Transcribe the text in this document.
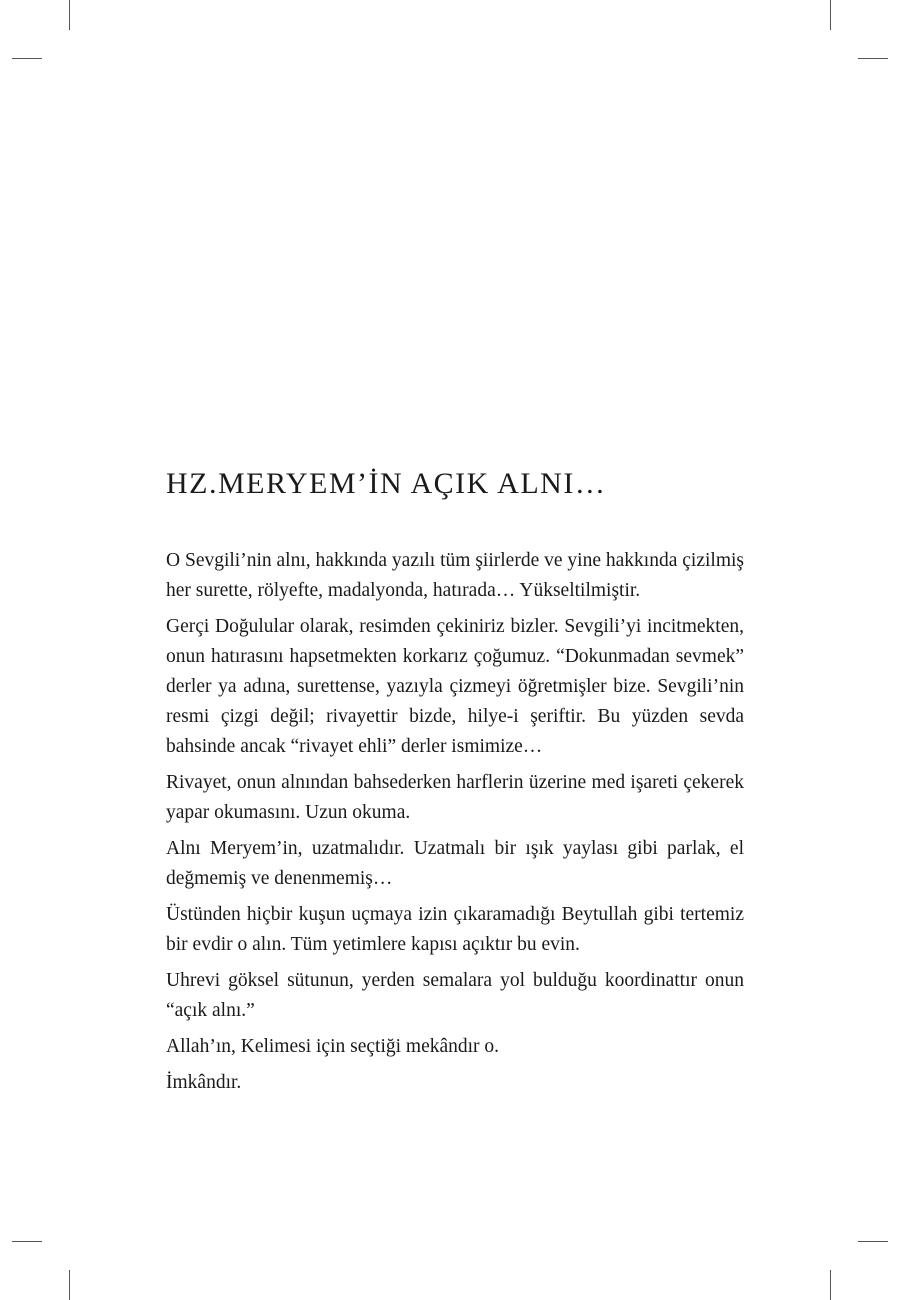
HZ.MERYEM’İN AÇIK ALNI…

O Sevgili’nin alnı, hakkında yazılı tüm şiirlerde ve yine hakkında çizilmiş her surette, rölyefte, madalyonda, hatırada… Yükseltilmiştir.

Gerçi Doğulular olarak, resimden çekiniriz bizler. Sevgili’yi incitmekten, onun hatırasını hapsetmekten korkarız çoğumuz. “Dokunmadan sevmek” derler ya adına, surettense, yazıyla çizmeyi öğretmişler bize. Sevgili’nin resmi çizgi değil; rivayettir bizde, hilye-i şeriftir. Bu yüzden sevda bahsinde ancak “rivayet ehli” derler ismimize…

Rivayet, onun alnından bahsederken harflerin üzerine med işareti çekerek yapar okumasını. Uzun okuma.

Alnı Meryem’in, uzatmalıdır. Uzatmalı bir ışık yaylası gibi parlak, el değmemiş ve denenmemiş…

Üstünden hiçbir kuşun uçmaya izin çıkaramadığı Beytullah gibi tertemiz bir evdir o alın. Tüm yetimlere kapısı açıktır bu evin.

Uhrevi göksel sütunun, yerden semalara yol bulduğu koordinattır onun “açık alnı.”

Allah’ın, Kelimesi için seçtiği mekândır o.

İmkândır.
